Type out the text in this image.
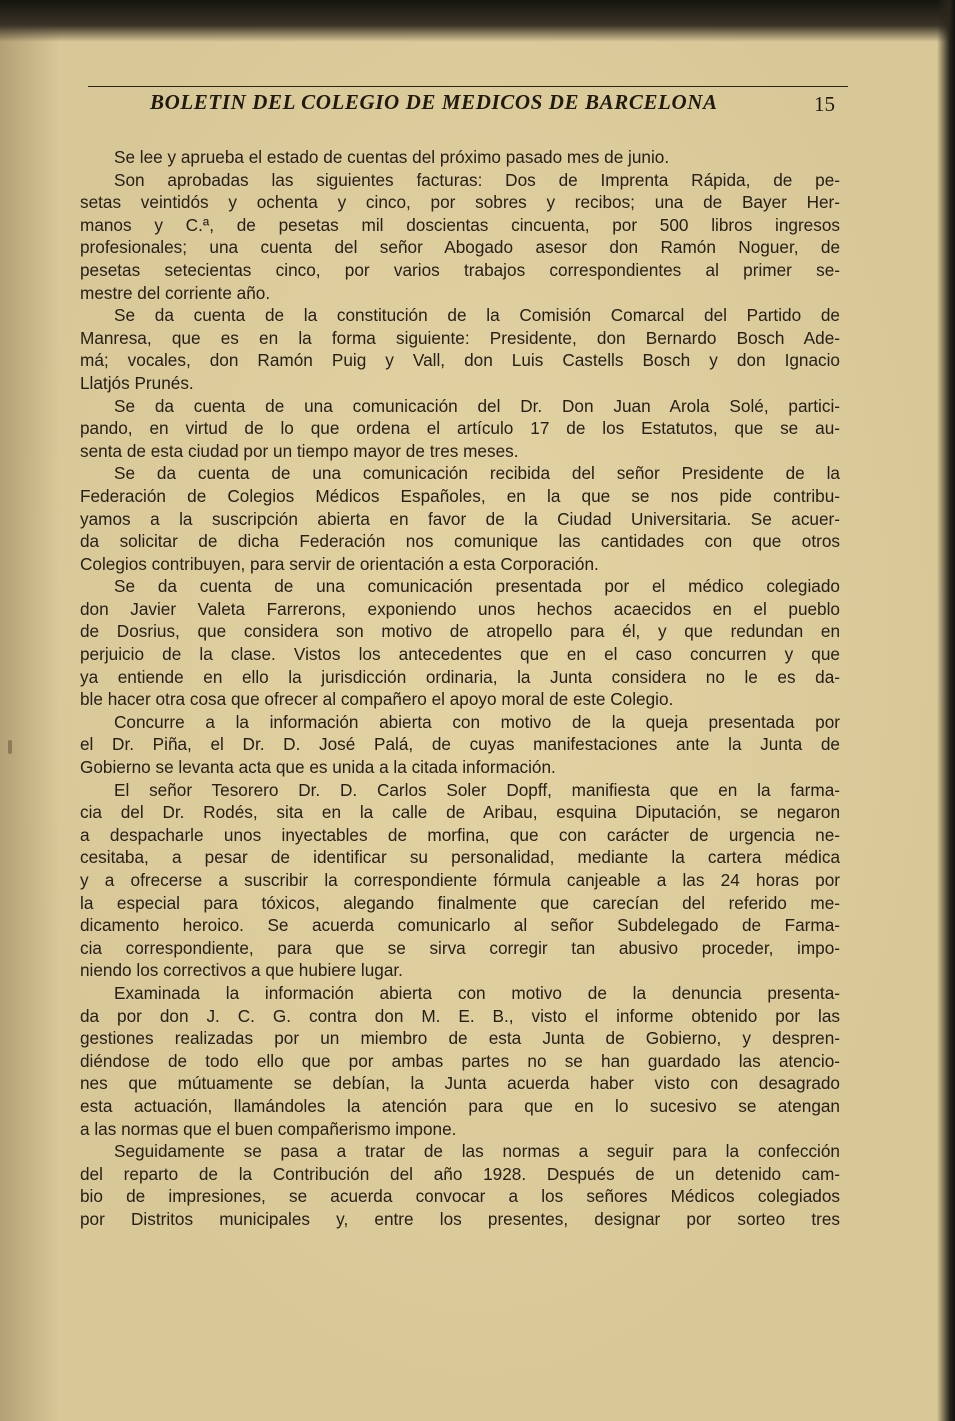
BOLETIN DEL COLEGIO DE MEDICOS DE BARCELONA	15
Se lee y aprueba el estado de cuentas del próximo pasado mes de junio.
Son aprobadas las siguientes facturas: Dos de Imprenta Rápida, de pe-
setas veintidós y ochenta y cinco, por sobres y recibos; una de Bayer Her-
manos y C.ª, de pesetas mil doscientas cincuenta, por 500 libros ingresos
profesionales; una cuenta del señor Abogado asesor don Ramón Noguer, de
pesetas setecientas cinco, por varios trabajos correspondientes al primer se-
mestre del corriente año.
Se da cuenta de la constitución de la Comisión Comarcal del Partido de
Manresa, que es en la forma siguiente: Presidente, don Bernardo Bosch Ade-
má; vocales, don Ramón Puig y Vall, don Luis Castells Bosch y don Ignacio
Llatjós Prunés.
Se da cuenta de una comunicación del Dr. Don Juan Arola Solé, partici-
pando, en virtud de lo que ordena el artículo 17 de los Estatutos, que se au-
senta de esta ciudad por un tiempo mayor de tres meses.
Se da cuenta de una comunicación recibida del señor Presidente de la
Federación de Colegios Médicos Españoles, en la que se nos pide contribu-
yamos a la suscripción abierta en favor de la Ciudad Universitaria. Se acuer-
da solicitar de dicha Federación nos comunique las cantidades con que otros
Colegios contribuyen, para servir de orientación a esta Corporación.
Se da cuenta de una comunicación presentada por el médico colegiado
don Javier Valeta Farrerons, exponiendo unos hechos acaecidos en el pueblo
de Dosrius, que considera son motivo de atropello para él, y que redundan en
perjuicio de la clase. Vistos los antecedentes que en el caso concurren y que
ya entiende en ello la jurisdicción ordinaria, la Junta considera no le es da-
ble hacer otra cosa que ofrecer al compañero el apoyo moral de este Colegio.
Concurre a la información abierta con motivo de la queja presentada por
el Dr. Piña, el Dr. D. José Palá, de cuyas manifestaciones ante la Junta de
Gobierno se levanta acta que es unida a la citada información.
El señor Tesorero Dr. D. Carlos Soler Dopff, manifiesta que en la farma-
cia del Dr. Rodés, sita en la calle de Aribau, esquina Diputación, se negaron
a despacharle unos inyectables de morfina, que con carácter de urgencia ne-
cesitaba, a pesar de identificar su personalidad, mediante la cartera médica
y a ofrecerse a suscribir la correspondiente fórmula canjeable a las 24 horas por
la especial para tóxicos, alegando finalmente que carecían del referido me-
dicamento heroico. Se acuerda comunicarlo al señor Subdelegado de Farma-
cia correspondiente, para que se sirva corregir tan abusivo proceder, impo-
niendo los correctivos a que hubiere lugar.
Examinada la información abierta con motivo de la denuncia presenta-
da por don J. C. G. contra don M. E. B., visto el informe obtenido por las
gestiones realizadas por un miembro de esta Junta de Gobierno, y despren-
diéndose de todo ello que por ambas partes no se han guardado las atencio-
nes que mútuamente se debían, la Junta acuerda haber visto con desagrado
esta actuación, llamándoles la atención para que en lo sucesivo se atengan
a las normas que el buen compañerismo impone.
Seguidamente se pasa a tratar de las normas a seguir para la confección
del reparto de la Contribución del año 1928. Después de un detenido cam-
bio de impresiones, se acuerda convocar a los señores Médicos colegiados
por Distritos municipales y, entre los presentes, designar por sorteo tres
